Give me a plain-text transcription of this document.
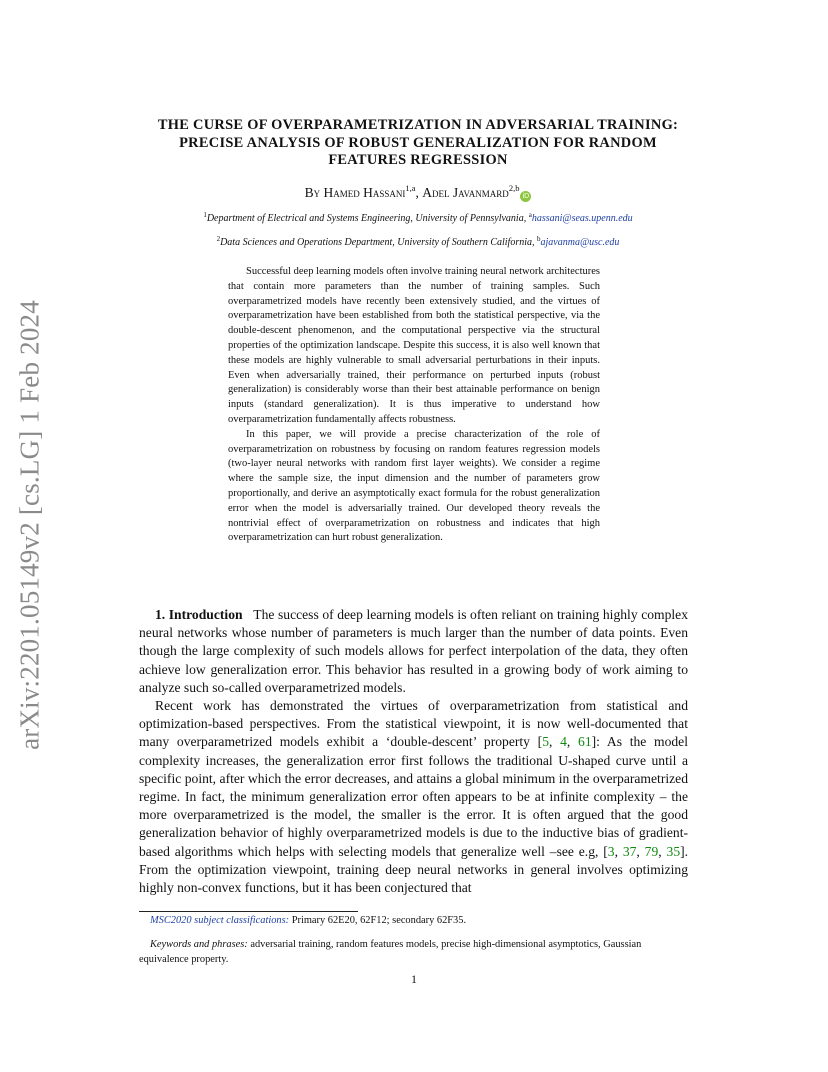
arXiv:2201.05149v2 [cs.LG] 1 Feb 2024
THE CURSE OF OVERPARAMETRIZATION IN ADVERSARIAL TRAINING:
PRECISE ANALYSIS OF ROBUST GENERALIZATION FOR RANDOM
FEATURES REGRESSION
By Hamed Hassani$^{1,a}$, Adel Javanmard$^{2,b}$iD
$^1$Department of Electrical and Systems Engineering, University of Pennsylvania, $^a$hassani@seas.upenn.edu
$^2$Data Sciences and Operations Department, University of Southern California, $^b$ajavanma@usc.edu

Successful deep learning models often involve training neural network architectures that contain more parameters than the number of training samples. Such overparametrized models have recently been extensively studied, and the virtues of overparametrization have been established from both the statistical perspective, via the double-descent phenomenon, and the computational perspective via the structural properties of the optimization landscape. Despite this success, it is also well known that these models are highly vulnerable to small adversarial perturbations in their inputs. Even when adversarially trained, their performance on perturbed inputs (robust generalization) is considerably worse than their best attainable performance on benign inputs (standard generalization). It is thus imperative to understand how overparametrization fundamentally affects robustness.

In this paper, we will provide a precise characterization of the role of overparametrization on robustness by focusing on random features regression models (two-layer neural networks with random first layer weights). We consider a regime where the sample size, the input dimension and the number of parameters grow proportionally, and derive an asymptotically exact formula for the robust generalization error when the model is adversarially trained. Our developed theory reveals the nontrivial effect of overparametrization on robustness and indicates that high overparametrization can hurt robust generalization.

1. Introduction The success of deep learning models is often reliant on training highly complex neural networks whose number of parameters is much larger than the number of data points. Even though the large complexity of such models allows for perfect interpolation of the data, they often achieve low generalization error. This behavior has resulted in a growing body of work aiming to analyze such so-called overparametrized models.

Recent work has demonstrated the virtues of overparametrization from statistical and optimization-based perspectives. From the statistical viewpoint, it is now well-documented that many overparametrized models exhibit a ‘double-descent’ property [5, 4, 61]: As the model complexity increases, the generalization error first follows the traditional U-shaped curve until a specific point, after which the error decreases, and attains a global minimum in the overparametrized regime. In fact, the minimum generalization error often appears to be at infinite complexity – the more overparametrized is the model, the smaller is the error. It is often argued that the good generalization behavior of highly overparametrized models is due to the inductive bias of gradient-based algorithms which helps with selecting models that generalize well –see e.g, [3, 37, 79, 35]. From the optimization viewpoint, training deep neural networks in general involves optimizing highly non-convex functions, but it has been conjectured that

MSC2020 subject classifications: Primary 62E20, 62F12; secondary 62F35.
Keywords and phrases: adversarial training, random features models, precise high-dimensional asymptotics, Gaussian equivalence property.
1
